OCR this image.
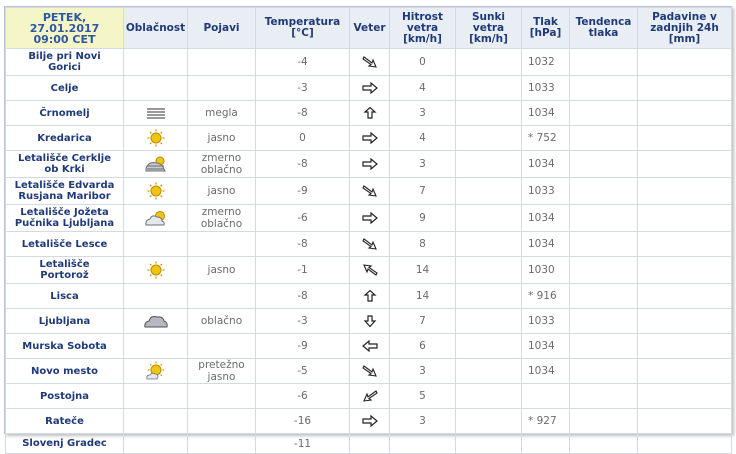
PETEK,
27.01.2017
09:00 CET	Oblačnost	Pojavi	Temperatura
[°C]	Veter	Hitrost
vetra
[km/h]	Sunki
vetra
[km/h]	Tlak
[hPa]	Tendenca
tlaka	Padavine v
zadnjih 24h
[mm]
Bilje pri Novi
Gorici			-4		0		1032		
Celje			-3		4		1033		
Črnomelj		megla	-8		3		1034		
Kredarica		jasno	0		4		* 752		
Letališče Cerklje
ob Krki		zmerno
oblačno	-8		3		1034		
Letališče Edvarda
Rusjana Maribor		jasno	-9		7		1033		
Letališče Jožeta
Pučnika Ljubljana		zmerno
oblačno	-6		9		1034		
Letališče Lesce			-8		8		1034		
Letališče
Portorož		jasno	-1		14		1030		
Lisca			-8		14		* 916		
Ljubljana		oblačno	-3		7		1033		
Murska Sobota			-9		6		1034		
Novo mesto		pretežno
jasno	-5		3		1034		
Postojna			-6		5				
Rateče			-16		3		* 927		
Slovenj Gradec			-11						
